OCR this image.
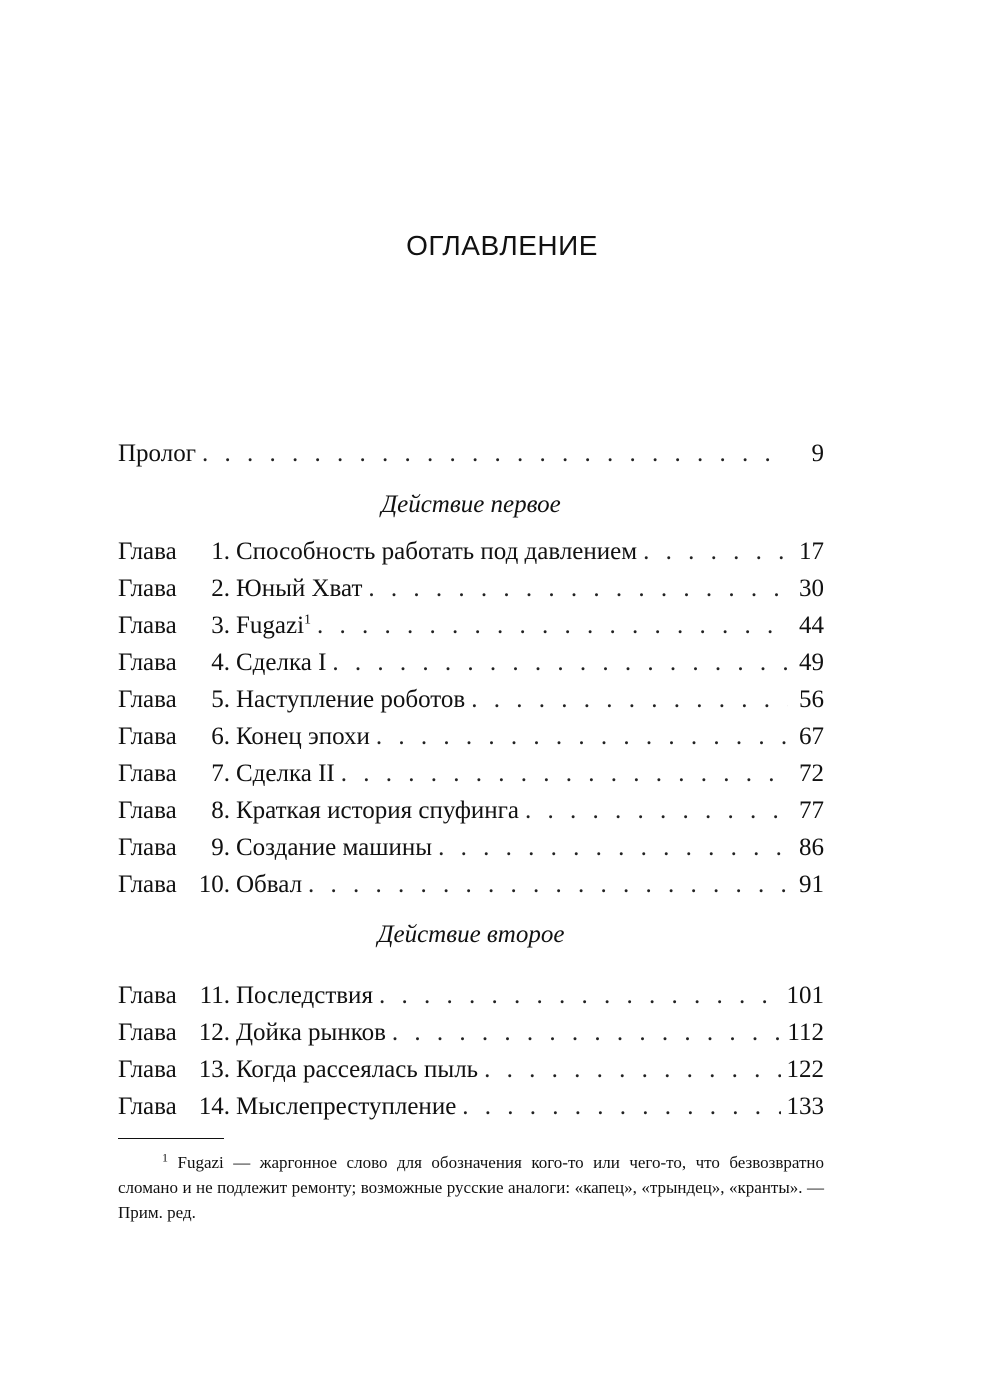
ОГЛАВЛЕНИЕ
Пролог . . .	9
Действие первое
Глава	1. Способность работать под давлением . . .	17
Глава	2. Юный Хват . . .	30
Глава	3. Fugazi$^1$ . . .	44
Глава	4. Сделка I . . .	49
Глава	5. Наступление роботов . . .	56
Глава	6. Конец эпохи . . .	67
Глава	7. Сделка II . . .	72
Глава	8. Краткая история спуфинга . . .	77
Глава	9. Создание машины . . .	86
Глава 10. Обвал . . .	91
Действие второе
Глава 11. Последствия . . .	101
Глава 12. Дойка рынков . . .	112
Глава 13. Когда рассеялась пыль . . .	122
Глава 14. Мыслепреступление . . .	133
$^1$ Fugazi — жаргонное слово для обозначения кого-то или чего-то, что безвозвратно сломано и не подлежит ремонту; возможные русские аналоги: «капец», «трындец», «кранты». — Прим. ред.
